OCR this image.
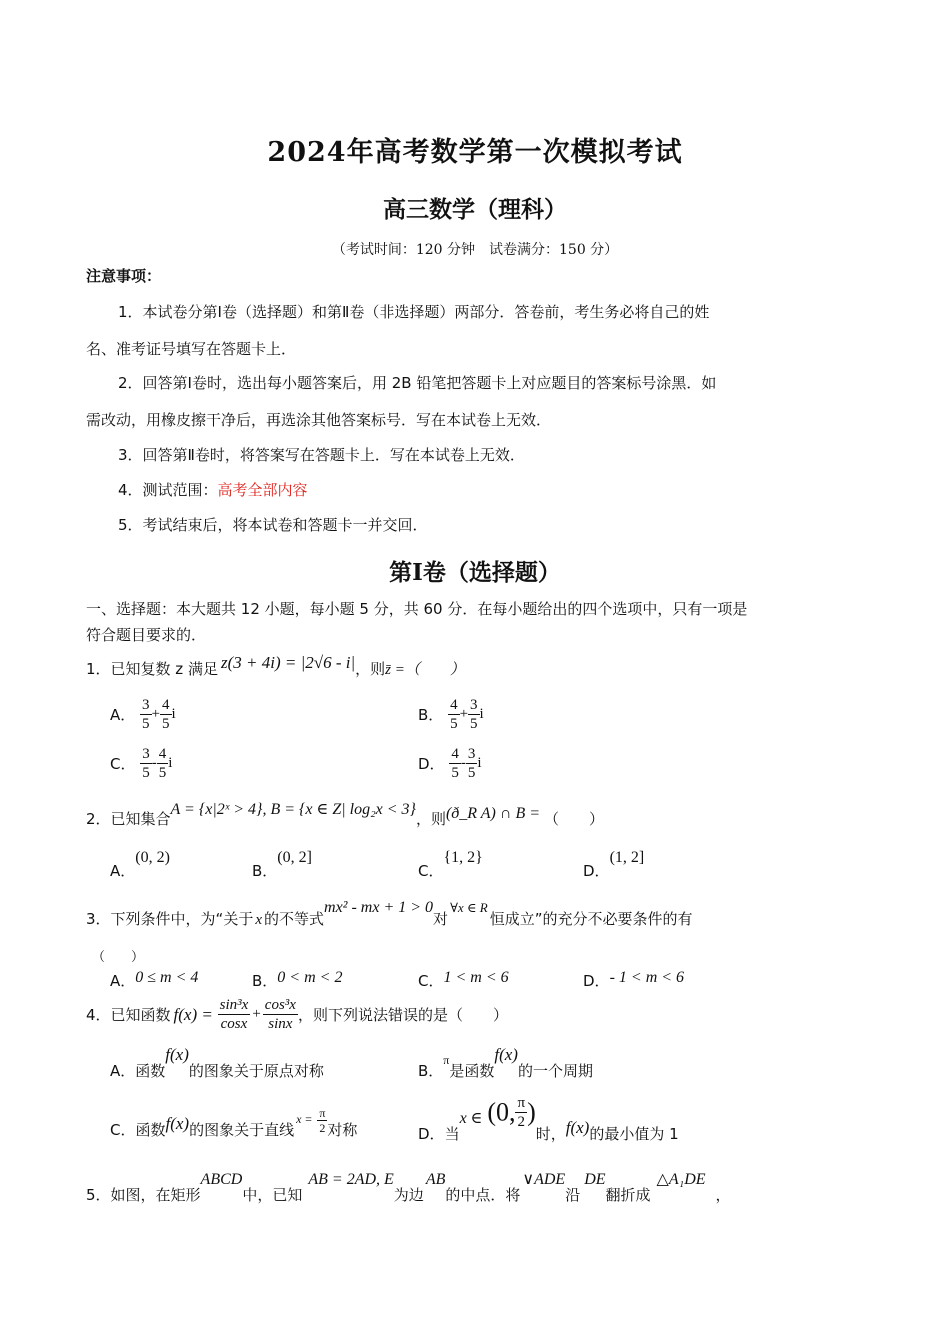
2024年高考数学第一次模拟考试
高三数学（理科）
（考试时间：120 分钟　试卷满分：150 分）
注意事项：
1．本试卷分第Ⅰ卷（选择题）和第Ⅱ卷（非选择题）两部分．答卷前，考生务必将自己的姓
名、准考证号填写在答题卡上．
2．回答第Ⅰ卷时，选出每小题答案后，用 2B 铅笔把答题卡上对应题目的答案标号涂黑．如
需改动，用橡皮擦干净后，再选涂其他答案标号．写在本试卷上无效．
3．回答第Ⅱ卷时，将答案写在答题卡上．写在本试卷上无效．
4．测试范围：高考全部内容
5．考试结束后，将本试卷和答题卡一并交回．
第Ⅰ卷（选择题）
一、选择题：本大题共 12 小题，每小题 5 分，共 60 分．在每小题给出的四个选项中，只有一项是
符合题目要求的．
1．已知复数 z 满足 z(3 + 4i) = |2√6 - i|，则z̄ =（　　）
A． $\frac{3}{5} + \frac{4}{5}$ i	B． $\frac{4}{5} + \frac{3}{5}$ i
C． $\frac{3}{5} - \frac{4}{5}$ i	D． $\frac{4}{5} - \frac{3}{5}$ i
2．已知集合A = {x|2ˣ > 4}, B = {x ∈ Z| log₂x < 3}，则(ð_R A) ∩ B = （　　）
A．(0, 2)
B．(0, 2]
C．{1, 2}
D．(1, 2]
3．下列条件中，为“关于 x 的不等式mx² - mx + 1 > 0对∀x ∈ R恒成立”的充分不必要条件的有
（　　）
A．0 ≤ m < 4	B．0 < m < 2	C．1 < m < 6	D．- 1 < m < 6
4．已知函数 $f(x) = \frac{\text{sin³x}}{\cos x} + \frac{\text{cos³x}}{\sin x}$ ，则下列说法错误的是（　　）
A．函数f(x)的图象关于原点对称	B．$_\pi$是函数f(x)的一个周期
C．函数f(x)的图象关于直线$_{x =} \frac{\pi}{2}$ 对称	D．当x ∈ (0, $\frac{\pi}{2}$ )时，f(x)的最小值为 1
5．如图，在矩形ABCD中，已知AB = 2AD, E为边AB的中点．将∨ADE沿DE翻折成△A₁DE，
